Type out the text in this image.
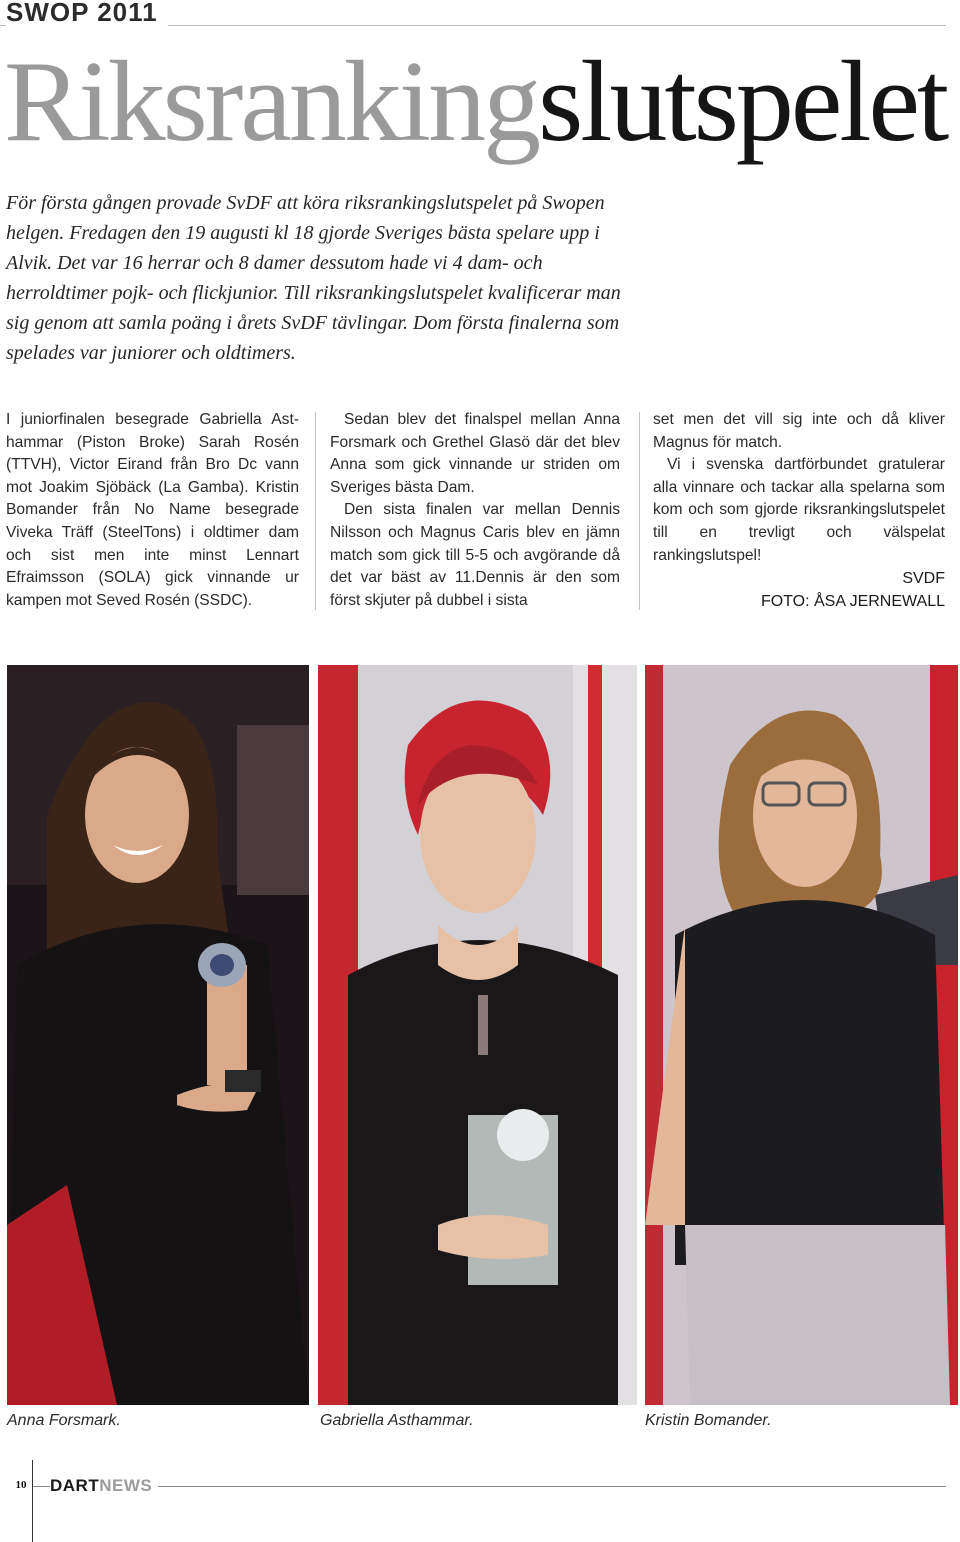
SWOP 2011
Riksrankingslutspelet

För första gången provade SvDF att köra riksrankingslutspelet på Swopen helgen. Fredagen den 19 augusti kl 18 gjorde Sveriges bästa spelare upp i Alvik. Det var 16 herrar och 8 damer dessutom hade vi 4 dam- och herroldtimer pojk- och flickjunior. Till riksrankingslutspelet kvalificerar man sig genom att samla poäng i årets SvDF tävlingar. Dom första finalerna som spelades var juniorer och oldtimers.

I juniorfinalen besegrade Gabriella Asthammar (Piston Broke) Sarah Rosén (TTVH), Victor Eirand från Bro Dc vann mot Joakim Sjöbäck (La Gamba). Kristin Bomander från No Name besegrade Viveka Träff (SteelTons) i oldtimer dam och sist men inte minst Lennart Efraimsson (SOLA) gick vinnande ur kampen mot Seved Rosén (SSDC).

Sedan blev det finalspel mellan Anna Forsmark och Grethel Glasö där det blev Anna som gick vinnande ur striden om Sveriges bästa Dam.

Den sista finalen var mellan Dennis Nilsson och Magnus Caris blev en jämn match som gick till 5-5 och avgörande då det var bäst av 11.Dennis är den som först skjuter på dubbel i sista

set men det vill sig inte och då kliver Magnus för match.

Vi i svenska dartförbundet gratulerar alla vinnare och tackar alla spelarna som kom och som gjorde riksrankingslutspelet till en trevligt och välspelat rankingslutspel!

SVDF

FOTO: ÅSA JERNEWALL

Anna Forsmark.	Gabriella Asthammar.	Kristin Bomander.

10 DARTNEWS
